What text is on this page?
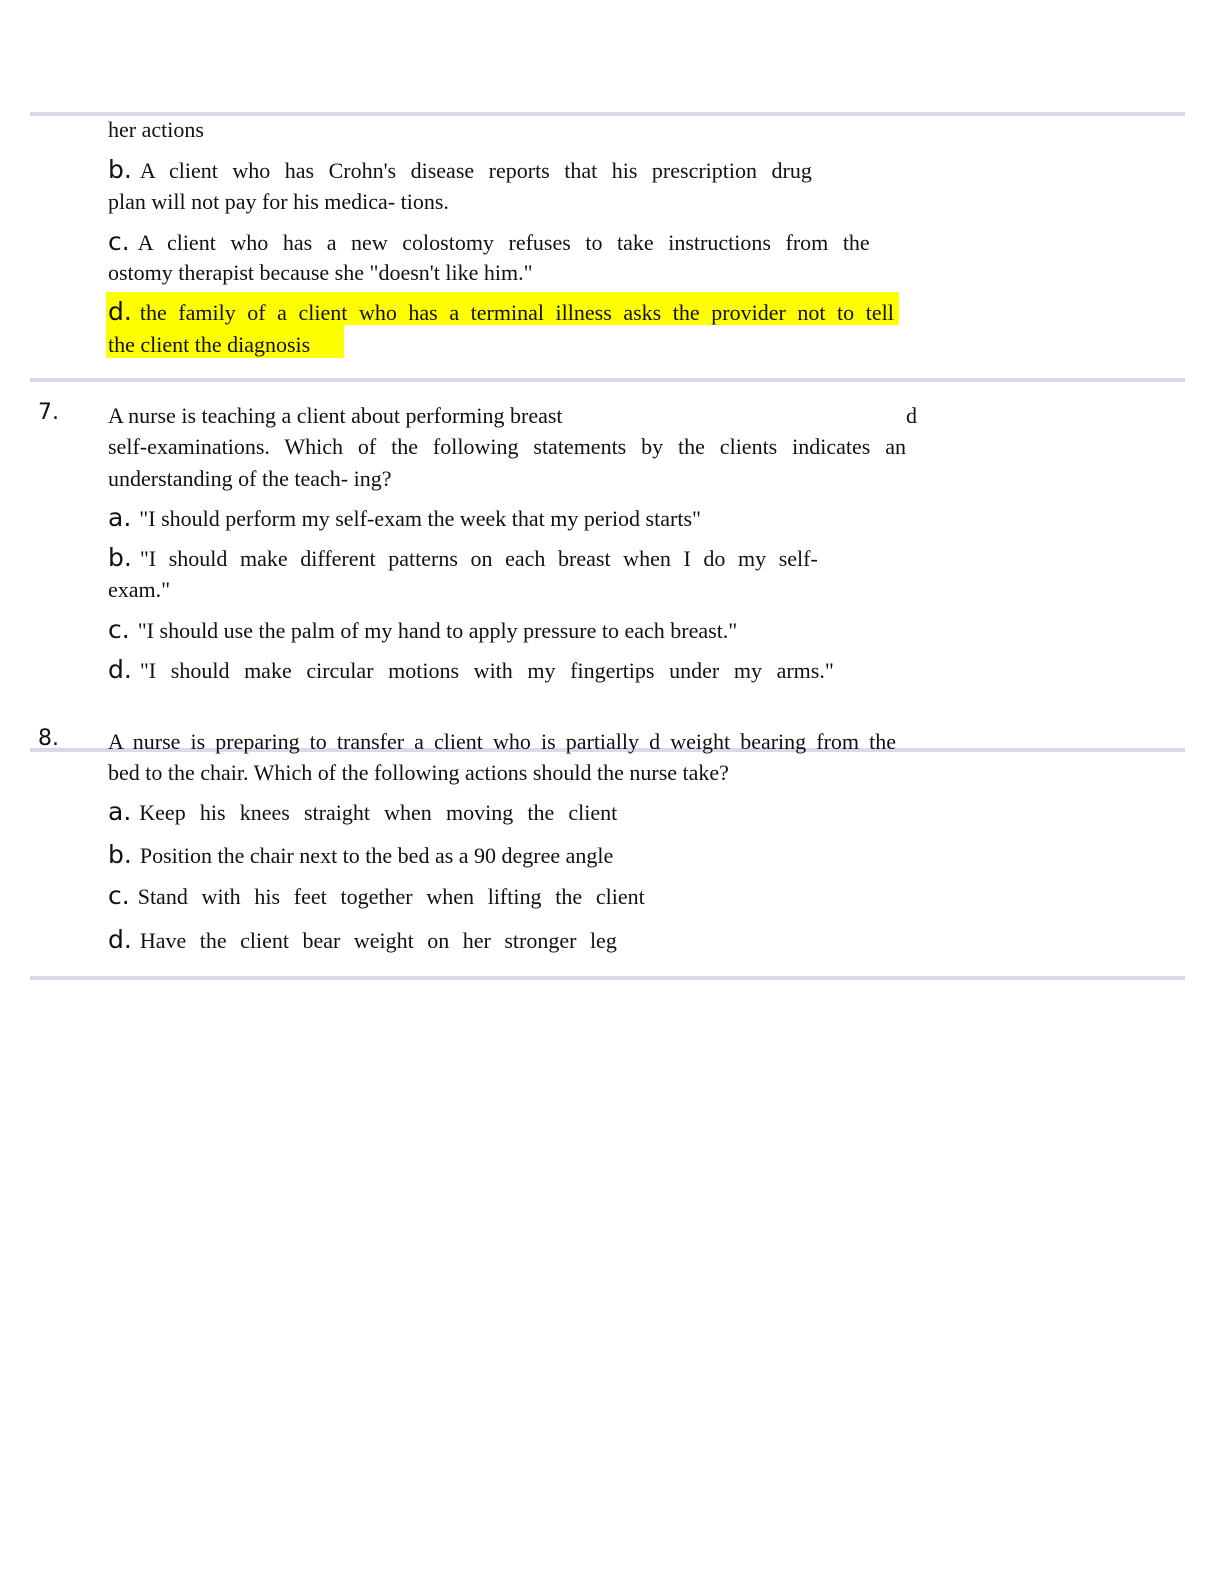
her actions
b. A client who has Crohn's disease reports that his prescription drug
plan will not pay for his medica- tions.
c. A client who has a new colostomy refuses to take instructions from the
ostomy therapist because she "doesn't like him."
d. the family of a client who has a terminal illness asks the provider not to tell
the client the diagnosis
7. A nurse is teaching a client about performing breast	d
self-examinations. Which of the following statements by the clients indicates an
understanding of the teach- ing?
a. "I should perform my self-exam the week that my period starts"
b. "I should make different patterns on each breast when I do my self-
exam."
c. "I should use the palm of my hand to apply pressure to each breast."
d. "I should make circular motions with my fingertips under my arms."
8. A nurse is preparing to transfer a client who is partially d weight bearing from the
bed to the chair. Which of the following actions should the nurse take?
a. Keep his knees straight when moving the client
b. Position the chair next to the bed as a 90 degree angle
c. Stand with his feet together when lifting the client
d. Have the client bear weight on her stronger leg
